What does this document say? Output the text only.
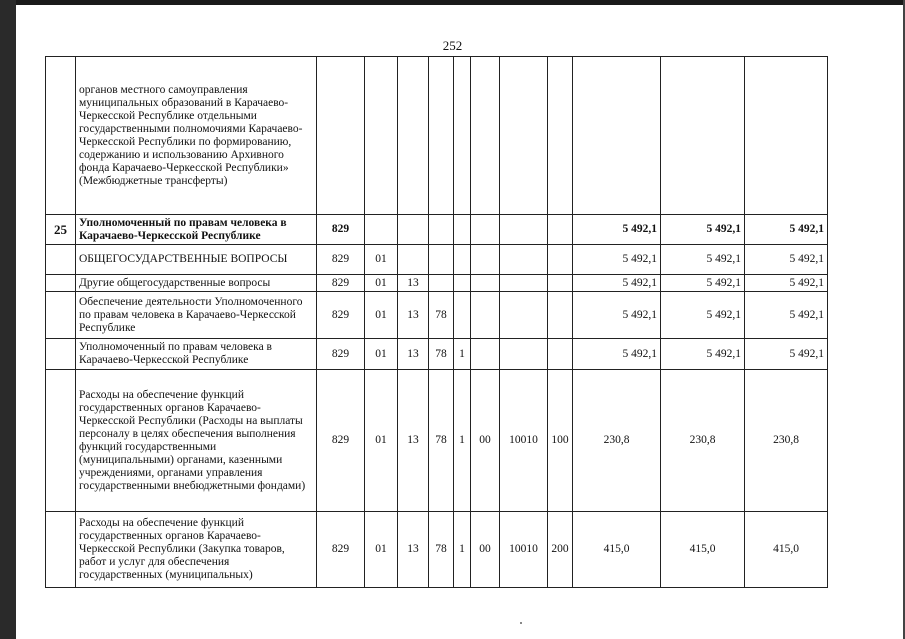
252
	органов местного самоуправления муниципальных образований в Карачаево-Черкесской Республике отдельными государственными полномочиями Карачаево-Черкесской Республики по формированию, содержанию и использованию Архивного фонда Карачаево-Черкесской Республики» (Межбюджетные трансферты)											
25	Уполномоченный по правам человека в Карачаево-Черкесской Республике	829								5 492,1	5 492,1	5 492,1
	ОБЩЕГОСУДАРСТВЕННЫЕ ВОПРОСЫ	829	01							5 492,1	5 492,1	5 492,1
	Другие общегосударственные вопросы	829	01	13						5 492,1	5 492,1	5 492,1
	Обеспечение деятельности Уполномоченного по правам человека в Карачаево-Черкесской Республике	829	01	13	78					5 492,1	5 492,1	5 492,1
	Уполномоченный по правам человека в Карачаево-Черкесской Республике	829	01	13	78	1				5 492,1	5 492,1	5 492,1
	Расходы на обеспечение функций государственных органов Карачаево-Черкесской Республики (Расходы на выплаты персоналу в целях обеспечения выполнения функций государственными (муниципальными) органами, казенными учреждениями, органами управления государственными внебюджетными фондами)	829	01	13	78	1	00	10010	100	230,8	230,8	230,8
	Расходы на обеспечение функций государственных органов Карачаево-Черкесской Республики (Закупка товаров, работ и услуг для обеспечения государственных (муниципальных)	829	01	13	78	1	00	10010	200	415,0	415,0	415,0
